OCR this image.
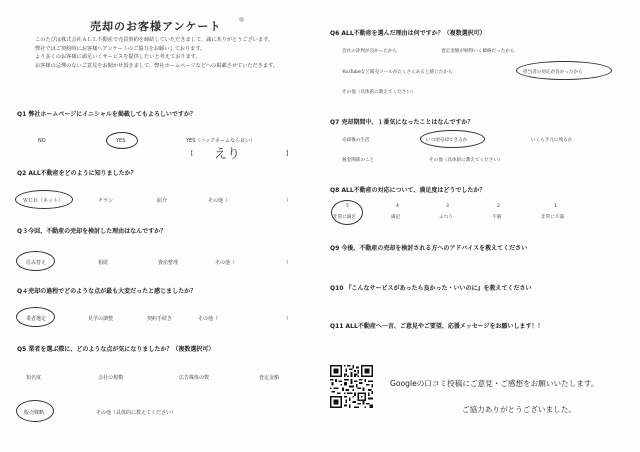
売却のお客様アンケート
このたびは株式会社ＡＬＬ不動産で売買契約を締結していただきまして、誠にありがとうございます。
弊社ではご契約時にお客様へアンケートのご協力をお願いしております。
より多くのお客様に満足いくサービスを提供したいと考えております。
お客様の忌憚のないご意見をお聞かせ頂きまして、弊社ホームページなどへの掲載させていただきます。
Q1 弊社ホームページにイニシャルを掲載してもよろしいですか？
NO	YES	YES（ニックネームなら良い）
【 えり	】
Q2 ALL不動産をどのように知りましたか？
ＷＥＢ（ネット）	チラシ	紹介	その他（	）
Q３今回、不動産の売却を検討した理由はなんですか？
住み替え	相続	資産整理	その他（	）
Q４売却の過程でどのような点が最も大変だったと感じましたか？
業者選定	見学の調整	契約手続き	その他（	）
Q5 業者を選ぶ際に、どのような点が気になりましたか？（複数選択可）
知名度	会社の規模	広告媒体の数	査定金額
販売戦略	その他（具体的に教えてください）
Q6 ALL不動産を選んだ理由は何ですか？（複数選択可）
会社の評判が良かったから	査定金額が納得いく価格だったから
YouTubeなど販売ツールがたくさんあると感じたから	担当者の対応が良かったから
その他（具体的に教えてください）
Q7 売却期間中、１番気になったことはなんですか？
売却後の生活	いつ頃売却できるか	いくら手元に残るか
税金関係のこと	その他（具体的に教えてください）
Q8 ALL不動産の対応について、満足度はどうでしたか？
5
非常に満足
4
満足
3
ふつう
2
不満
1
非常に不満
Q9 今後、不動産の売却を検討される方へのアドバイスを教えてください
Q10 『こんなサービスがあったら良かった・いいのに』を教えてください
Q11 ALL不動産へ一言、ご意見やご要望、応援メッセージをお願いします！！
Googleの口コミ投稿にご意見・ご感想をお願いいたします。
ご協力ありがとうございました。
